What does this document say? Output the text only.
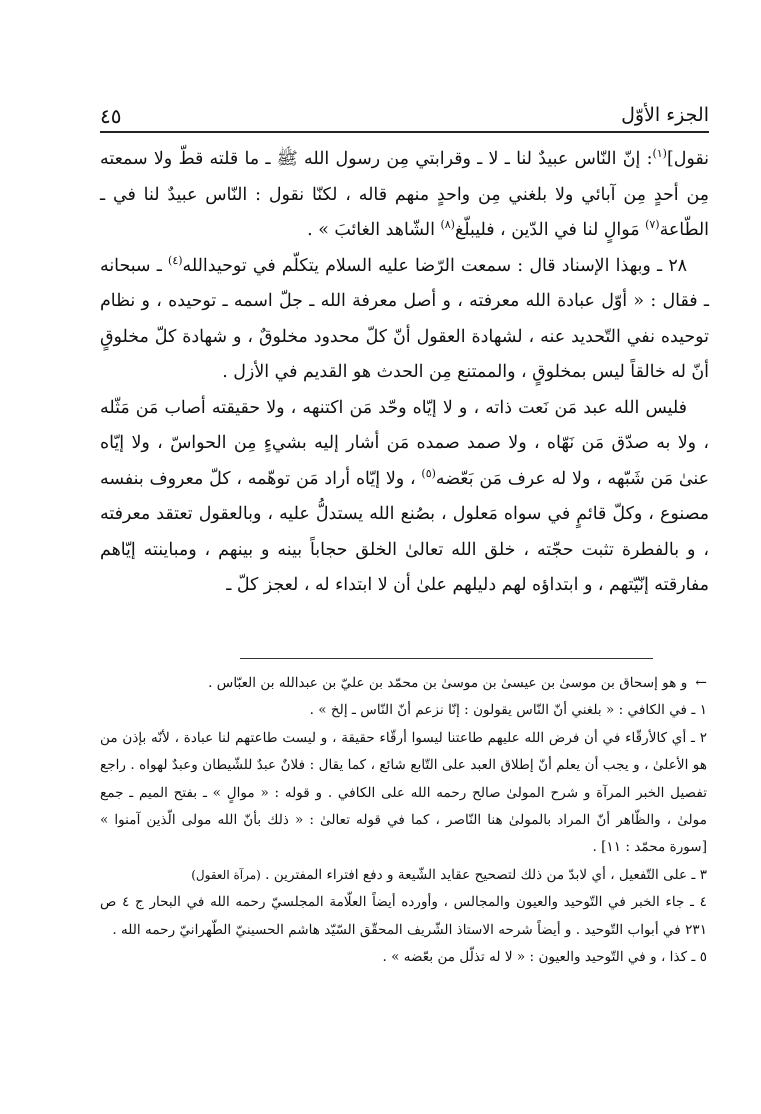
الجزء الأوّل
٤٥

نقول]$^{(١)}$: إنّ النّاس عبيدٌ لنا ـ لا ـ وقرابتي مِن رسول الله ﷺ ـ ما قلته قطّ ولا سمعته مِن أحدٍ مِن آبائي ولا بلغني مِن واحدٍ منهم قاله ، لكنّا نقول : النّاس عبيدٌ لنا في ـ الطّاعة$^{(٧)}$ مَوالٍ لنا في الدّين ، فليبلّغ$^{(٨)}$ الشّاهد الغائبَ » .

٢٨ ـ وبهذا الإسناد قال : سمعت الرّضا عليه السلام يتكلّم في توحيدالله$^{(٤)}$ ـ سبحانه ـ فقال : « أوّل عبادة الله معرفته ، و أصل معرفة الله ـ جلّ اسمه ـ توحيده ، و نظام توحيده نفي التّحديد عنه ، لشهادة العقول أنّ كلّ محدود مخلوقٌ ، و شهادة كلّ مخلوقٍ أنّ له خالقاً ليس بمخلوقٍ ، والممتنع مِن الحدث هو القديم في الأزل .

فليس الله عبد مَن نَعت ذاته ، و لا إيّاه وحّد مَن اكتنهه ، ولا حقيقته أصاب مَن مَثّله ، ولا به صدّق مَن نَهّاه ، ولا صمد صمده مَن أشار إليه بشيءٍ مِن الحواسّ ، ولا إيّاه عنىٰ مَن شَبّهه ، ولا له عرف مَن بَعّضه$^{(٥)}$ ، ولا إيّاه أراد مَن توهّمه ، كلّ معروف بنفسه مصنوع ، وكلّ قائمٍ في سواه مَعلول ، بصُنع الله يستدلُّ عليه ، وبالعقول تعتقد معرفته ، و بالفطرة تثبت حجّته ، خلق الله تعالىٰ الخلق حجاباً بينه و بينهم ، ومباينته إيّاهم مفارقته إنّيّتهم ، و ابتداؤه لهم دليلهم علىٰ أن لا ابتداء له ، لعجز كلّ ـ

←و هو إسحاق بن موسىٰ بن عيسىٰ بن موسىٰ بن محمّد بن عليّ بن عبدالله بن العبّاس .

١ ـ في الكافي : « بلغني أنّ النّاس يقولون : إنّا نزعم أنّ النّاس ـ إلخ » .

٢ ـ أي كالأرقّاء في أن فرض الله عليهم طاعتنا ليسوا أرقّاء حقيقة ، و ليست طاعتهم لنا عبادة ، لأنّه بإذن من هو الأعلىٰ ، و يجب أن يعلم أنّ إطلاق العبد على التّابع شائع ، كما يقال : فلانٌ عبدٌ للشّيطان وعبدٌ لهواه . راجع تفصيل الخبر المرآة و شرح المولىٰ صالح رحمه الله على الكافي . و قوله : « موالٍ » ـ بفتح الميم ـ جمع مولىٰ ، والظّاهر أنّ المراد بالمولىٰ هنا النّاصر ، كما في قوله تعالىٰ : « ذلك بأنّ الله مولى الّذين آمنوا » [سورة محمّد : ١١] .

٣ ـ على التّفعيل ، أي لابدّ من ذلك لتصحيح عقايد الشّيعة و دفع افتراء المفترين . (مرآة العقول)

٤ ـ جاء الخبر في التّوحيد والعيون والمجالس ، وأورده أيضاً العلّامة المجلسيّ رحمه الله في البحار ج ٤ ص ٢٣١ في أبواب التّوحيد . و أيضاً شرحه الاستاذ الشّريف المحقّق السّيّد هاشم الحسينيّ الطّهرانيّ رحمه الله .

٥ ـ كذا ، و في التّوحيد والعيون : « لا له تذلّل من بعّضه » .
